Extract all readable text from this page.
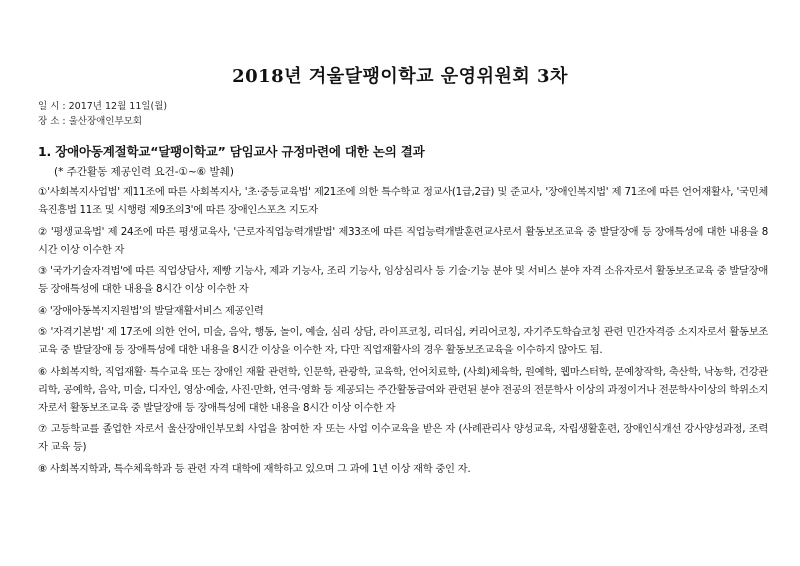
2018년 겨울달팽이학교 운영위원회 3차
일 시 : 2017년 12월 11일(월)
장 소 : 울산장애인부모회
1. 장애아동계절학교“달팽이학교” 담임교사 규정마련에 대한 논의 결과
(* 주간활동 제공인력 요건-①~⑥ 발췌)
①'사회복지사업법' 제11조에 따른 사회복지사, '초·중등교육법' 제21조에 의한 특수학교 정교사(1급,2급) 및 준교사, '장애인복지법' 제 71조에 따른 언어재활사, '국민체육진흥법 11조 및 시행령 제9조의3'에 따른 장애인스포츠 지도자
② '평생교육법' 제 24조에 따른 평생교육사, '근로자직업능력개발법' 제33조에 따른 직업능력개발훈련교사로서 활동보조교육 중 발달장애 등 장애특성에 대한 내용을 8시간 이상 이수한 자
③ '국가기술자격법'에 따른 직업상담사, 제빵 기능사, 제과 기능사, 조리 기능사, 임상심리사 등 기술·기능 분야 및 서비스 분야 자격 소유자로서 활동보조교육 중 발달장애 등 장애특성에 대한 내용을 8시간 이상 이수한 자
④ '장애아동복지지원법'의 발달재활서비스 제공인력
⑤ '자격기본법' 제 17조에 의한 언어, 미술, 음악, 행동, 놀이, 예술, 심리 상담, 라이프코칭, 리더십, 커리어코칭, 자기주도학습코칭 관련 민간자격증 소지자로서 활동보조교육 중 발달장애 등 장애특성에 대한 내용을 8시간 이상을 이수한 자, 다만 직업재활사의 경우 활동보조교육을 이수하지 않아도 됨.
⑥ 사회복지학, 직업재활· 특수교육 또는 장애인 재활 관련학, 인문학, 관광학, 교육학, 언어치료학, (사회)체육학, 원예학, 웹마스터학, 문예창작학, 축산학, 낙농학, 건강관리학, 공예학, 음악, 미술, 디자인, 영상·예술, 사진·만화, 연극·영화 등 제공되는 주간활동급여와 관련된 분야 전공의 전문학사 이상의 과정이거나 전문학사이상의 학위소지자로서 활동보조교육 중 발달장애 등 장애특성에 대한 내용을 8시간 이상 이수한 자
⑦ 고등학교를 졸업한 자로서 울산장애인부모회 사업을 참여한 자 또는 사업 이수교육을 받은 자 (사례관리사 양성교육, 자립생활훈련, 장애인식개선 강사양성과정, 조력자 교육 등)
⑧ 사회복지학과, 특수체육학과 등 관련 자격 대학에 재학하고 있으며 그 과에 1년 이상 재학 중인 자.
